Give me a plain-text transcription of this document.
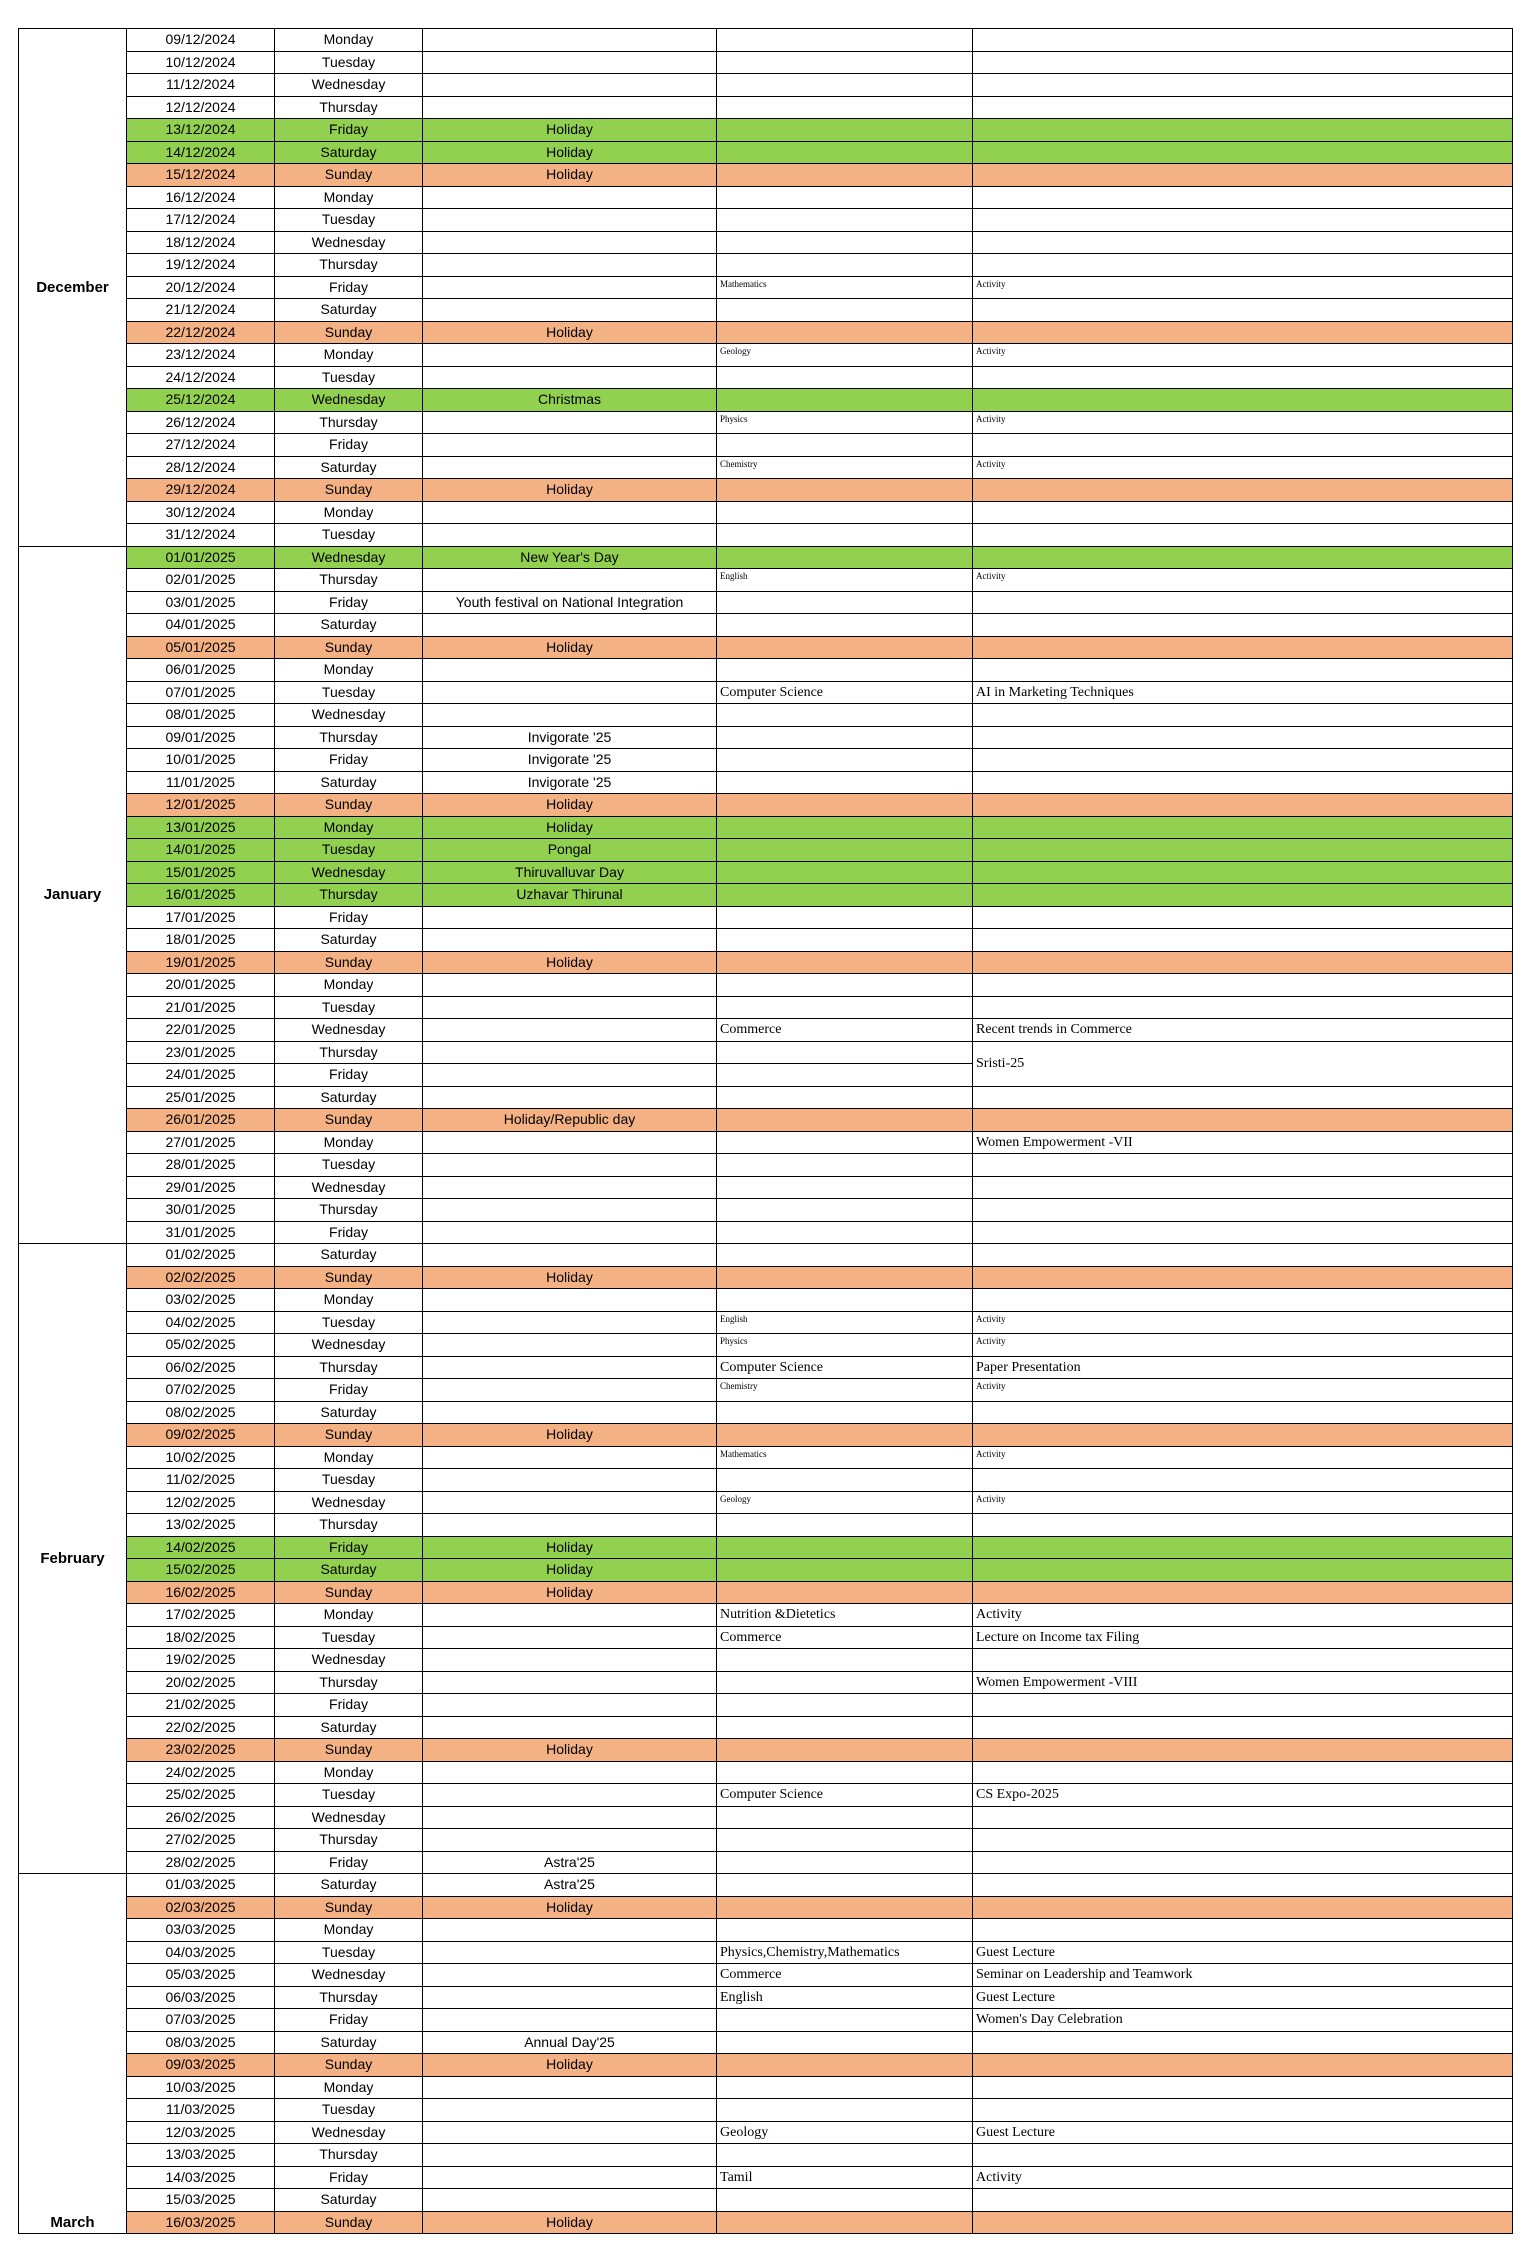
December	09/12/2024	Monday			
	10/12/2024	Tuesday			
	11/12/2024	Wednesday			
	12/12/2024	Thursday			
	13/12/2024	Friday	Holiday		
	14/12/2024	Saturday	Holiday		
	15/12/2024	Sunday	Holiday		
	16/12/2024	Monday			
	17/12/2024	Tuesday			
	18/12/2024	Wednesday			
	19/12/2024	Thursday			
	20/12/2024	Friday		Mathematics	Activity
	21/12/2024	Saturday			
	22/12/2024	Sunday	Holiday		
	23/12/2024	Monday		Geology	Activity
	24/12/2024	Tuesday			
	25/12/2024	Wednesday	Christmas		
	26/12/2024	Thursday		Physics	Activity
	27/12/2024	Friday			
	28/12/2024	Saturday		Chemistry	Activity
	29/12/2024	Sunday	Holiday		
	30/12/2024	Monday			
	31/12/2024	Tuesday			
January	01/01/2025	Wednesday	New Year's Day		
	02/01/2025	Thursday		English	Activity
	03/01/2025	Friday	Youth festival on National Integration		
	04/01/2025	Saturday			
	05/01/2025	Sunday	Holiday		
	06/01/2025	Monday			
	07/01/2025	Tuesday		Computer Science	AI in Marketing Techniques
	08/01/2025	Wednesday			
	09/01/2025	Thursday	Invigorate '25		
	10/01/2025	Friday	Invigorate '25		
	11/01/2025	Saturday	Invigorate '25		
	12/01/2025	Sunday	Holiday		
	13/01/2025	Monday	Holiday		
	14/01/2025	Tuesday	Pongal		
	15/01/2025	Wednesday	Thiruvalluvar Day		
	16/01/2025	Thursday	Uzhavar Thirunal		
	17/01/2025	Friday			
	18/01/2025	Saturday			
	19/01/2025	Sunday	Holiday		
	20/01/2025	Monday			
	21/01/2025	Tuesday			
	22/01/2025	Wednesday		Commerce	Recent trends in Commerce
	23/01/2025	Thursday			Sristi-25
	24/01/2025	Friday			
	25/01/2025	Saturday			
	26/01/2025	Sunday	Holiday/Republic day		
	27/01/2025	Monday			Women Empowerment -VII
	28/01/2025	Tuesday			
	29/01/2025	Wednesday			
	30/01/2025	Thursday			
	31/01/2025	Friday			
February	01/02/2025	Saturday			
	02/02/2025	Sunday	Holiday		
	03/02/2025	Monday			
	04/02/2025	Tuesday		English	Activity
	05/02/2025	Wednesday		Physics	Activity
	06/02/2025	Thursday		Computer Science	Paper Presentation
	07/02/2025	Friday		Chemistry	Activity
	08/02/2025	Saturday			
	09/02/2025	Sunday	Holiday		
	10/02/2025	Monday		Mathematics	Activity
	11/02/2025	Tuesday			
	12/02/2025	Wednesday		Geology	Activity
	13/02/2025	Thursday			
	14/02/2025	Friday	Holiday		
	15/02/2025	Saturday	Holiday		
	16/02/2025	Sunday	Holiday		
	17/02/2025	Monday		Nutrition &Dietetics	Activity
	18/02/2025	Tuesday		Commerce	Lecture on Income tax Filing
	19/02/2025	Wednesday			
	20/02/2025	Thursday			Women Empowerment -VIII
	21/02/2025	Friday			
	22/02/2025	Saturday			
	23/02/2025	Sunday	Holiday		
	24/02/2025	Monday			
	25/02/2025	Tuesday		Computer Science	CS Expo-2025
	26/02/2025	Wednesday			
	27/02/2025	Thursday			
	28/02/2025	Friday	Astra'25		
March	01/03/2025	Saturday	Astra'25		
	02/03/2025	Sunday	Holiday		
	03/03/2025	Monday			
	04/03/2025	Tuesday		Physics,Chemistry,Mathematics	Guest Lecture
	05/03/2025	Wednesday		Commerce	Seminar on Leadership and Teamwork
	06/03/2025	Thursday		English	Guest Lecture
	07/03/2025	Friday			Women's Day Celebration
	08/03/2025	Saturday	Annual Day'25		
	09/03/2025	Sunday	Holiday		
	10/03/2025	Monday			
	11/03/2025	Tuesday			
	12/03/2025	Wednesday		Geology	Guest Lecture
	13/03/2025	Thursday			
	14/03/2025	Friday		Tamil	Activity
	15/03/2025	Saturday			
	16/03/2025	Sunday	Holiday		
